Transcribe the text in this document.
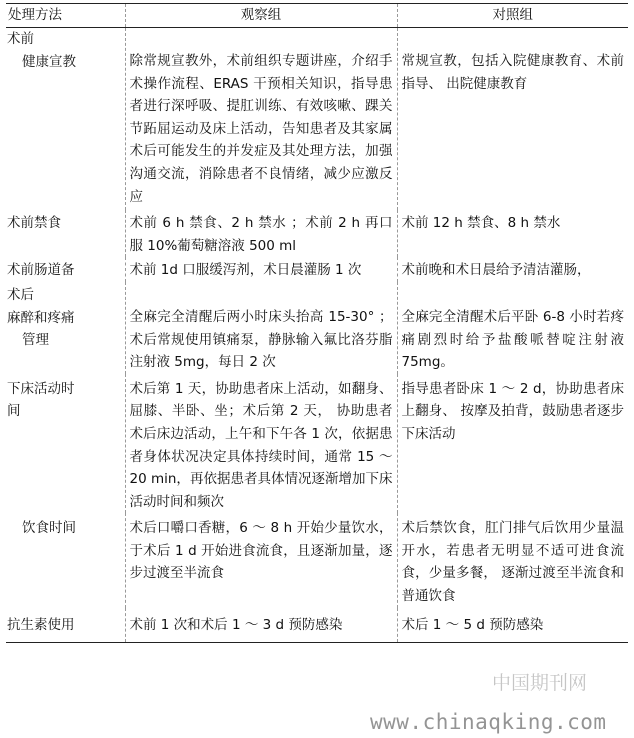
处理方法	观察组	对照组

术前
健康宣教	除常规宣教外，术前组织专题讲座，介绍手术操作流程、ERAS 干预相关知识，指导患者进行深呼吸、提肛训练、有效咳嗽、踝关节跖屈运动及床上活动，告知患者及其家属术后可能发生的并发症及其处理方法，加强沟通交流，消除患者不良情绪，减少应激反应	常规宣教，包括入院健康教育、术前指导、 出院健康教育

术前禁食	术前 6 h 禁食、2 h 禁水 ；术前 2 h 再口服 10%葡萄糖溶液 500 ml	术前 12 h 禁食、8 h 禁水

术前肠道备	术前 1d 口服缓泻剂，术日晨灌肠 1 次	术前晚和术日晨给予清洁灌肠，

术后
麻醉和疼痛
管理	全麻完全清醒后两小时床头抬高 15-30° ；术后常规使用镇痛泵，静脉输入氟比洛芬脂注射液 5mg，每日 2 次	全麻完全清醒术后平卧 6-8 小时若疼痛剧烈时给予盐酸哌替啶注射液 75mg。

下床活动时
间	术后第 1 天，协助患者床上活动，如翻身、屈膝、半卧、坐；术后第 2 天， 协助患者术后床边活动，上午和下午各 1 次，依据患者身体状况决定具体持续时间，通常 15 ～ 20 min，再依据患者具体情况逐渐增加下床活动时间和频次	指导患者卧床 1 ～ 2 d，协助患者床上翻身、 按摩及拍背，鼓励患者逐步下床活动

饮食时间	术后口嚼口香糖，6 ～ 8 h 开始少量饮水，于术后 1 d 开始进食流食，且逐渐加量，逐步过渡至半流食	术后禁饮食，肛门排气后饮用少量温开水，若患者无明显不适可进食流食，少量多餐， 逐渐过渡至半流食和普通饮食

抗生素使用	术前 1 次和术后 1 ～ 3 d 预防感染	术后 1 ～ 5 d 预防感染
中国期刊网
www.chinaqking.com
